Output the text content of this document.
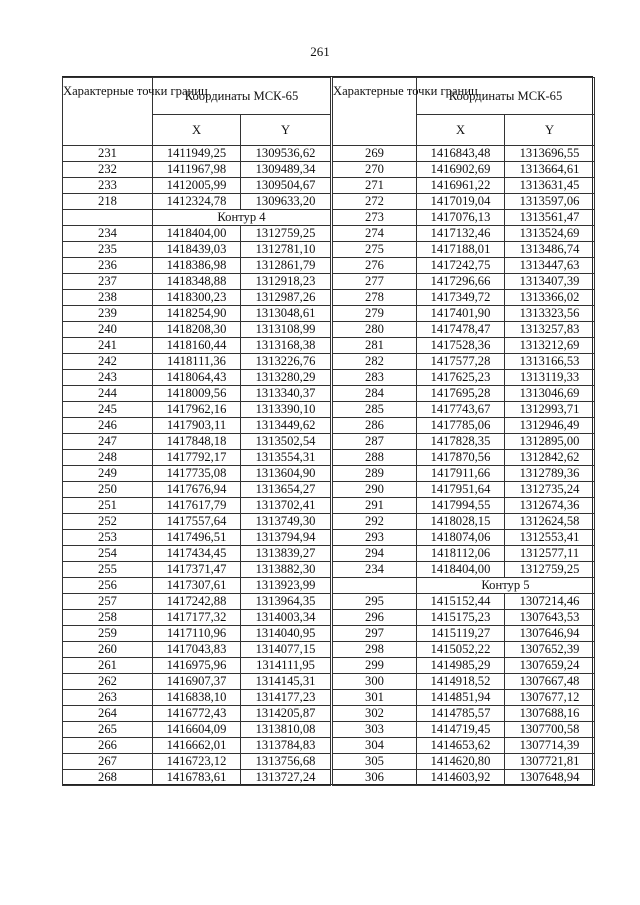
261
Характерные точки границ	Координаты МСК-65	
	X	Y
231	1411949,25	1309536,62
232	1411967,98	1309489,34
233	1412005,99	1309504,67
218	1412324,78	1309633,20
	Контур 4	
234	1418404,00	1312759,25
235	1418439,03	1312781,10
236	1418386,98	1312861,79
237	1418348,88	1312918,23
238	1418300,23	1312987,26
239	1418254,90	1313048,61
240	1418208,30	1313108,99
241	1418160,44	1313168,38
242	1418111,36	1313226,76
243	1418064,43	1313280,29
244	1418009,56	1313340,37
245	1417962,16	1313390,10
246	1417903,11	1313449,62
247	1417848,18	1313502,54
248	1417792,17	1313554,31
249	1417735,08	1313604,90
250	1417676,94	1313654,27
251	1417617,79	1313702,41
252	1417557,64	1313749,30
253	1417496,51	1313794,94
254	1417434,45	1313839,27
255	1417371,47	1313882,30
256	1417307,61	1313923,99
257	1417242,88	1313964,35
258	1417177,32	1314003,34
259	1417110,96	1314040,95
260	1417043,83	1314077,15
261	1416975,96	1314111,95
262	1416907,37	1314145,31
263	1416838,10	1314177,23
264	1416772,43	1314205,87
265	1416604,09	1313810,08
266	1416662,01	1313784,83
267	1416723,12	1313756,68
268	1416783,61	1313727,24
Характерные точки границ	Координаты МСК-65	
	X	Y
269	1416843,48	1313696,55
270	1416902,69	1313664,61
271	1416961,22	1313631,45
272	1417019,04	1313597,06
273	1417076,13	1313561,47
274	1417132,46	1313524,69
275	1417188,01	1313486,74
276	1417242,75	1313447,63
277	1417296,66	1313407,39
278	1417349,72	1313366,02
279	1417401,90	1313323,56
280	1417478,47	1313257,83
281	1417528,36	1313212,69
282	1417577,28	1313166,53
283	1417625,23	1313119,33
284	1417695,28	1313046,69
285	1417743,67	1312993,71
286	1417785,06	1312946,49
287	1417828,35	1312895,00
288	1417870,56	1312842,62
289	1417911,66	1312789,36
290	1417951,64	1312735,24
291	1417994,55	1312674,36
292	1418028,15	1312624,58
293	1418074,06	1312553,41
294	1418112,06	1312577,11
234	1418404,00	1312759,25
	Контур 5	
295	1415152,44	1307214,46
296	1415175,23	1307643,53
297	1415119,27	1307646,94
298	1415052,22	1307652,39
299	1414985,29	1307659,24
300	1414918,52	1307667,48
301	1414851,94	1307677,12
302	1414785,57	1307688,16
303	1414719,45	1307700,58
304	1414653,62	1307714,39
305	1414620,80	1307721,81
306	1414603,92	1307648,94
